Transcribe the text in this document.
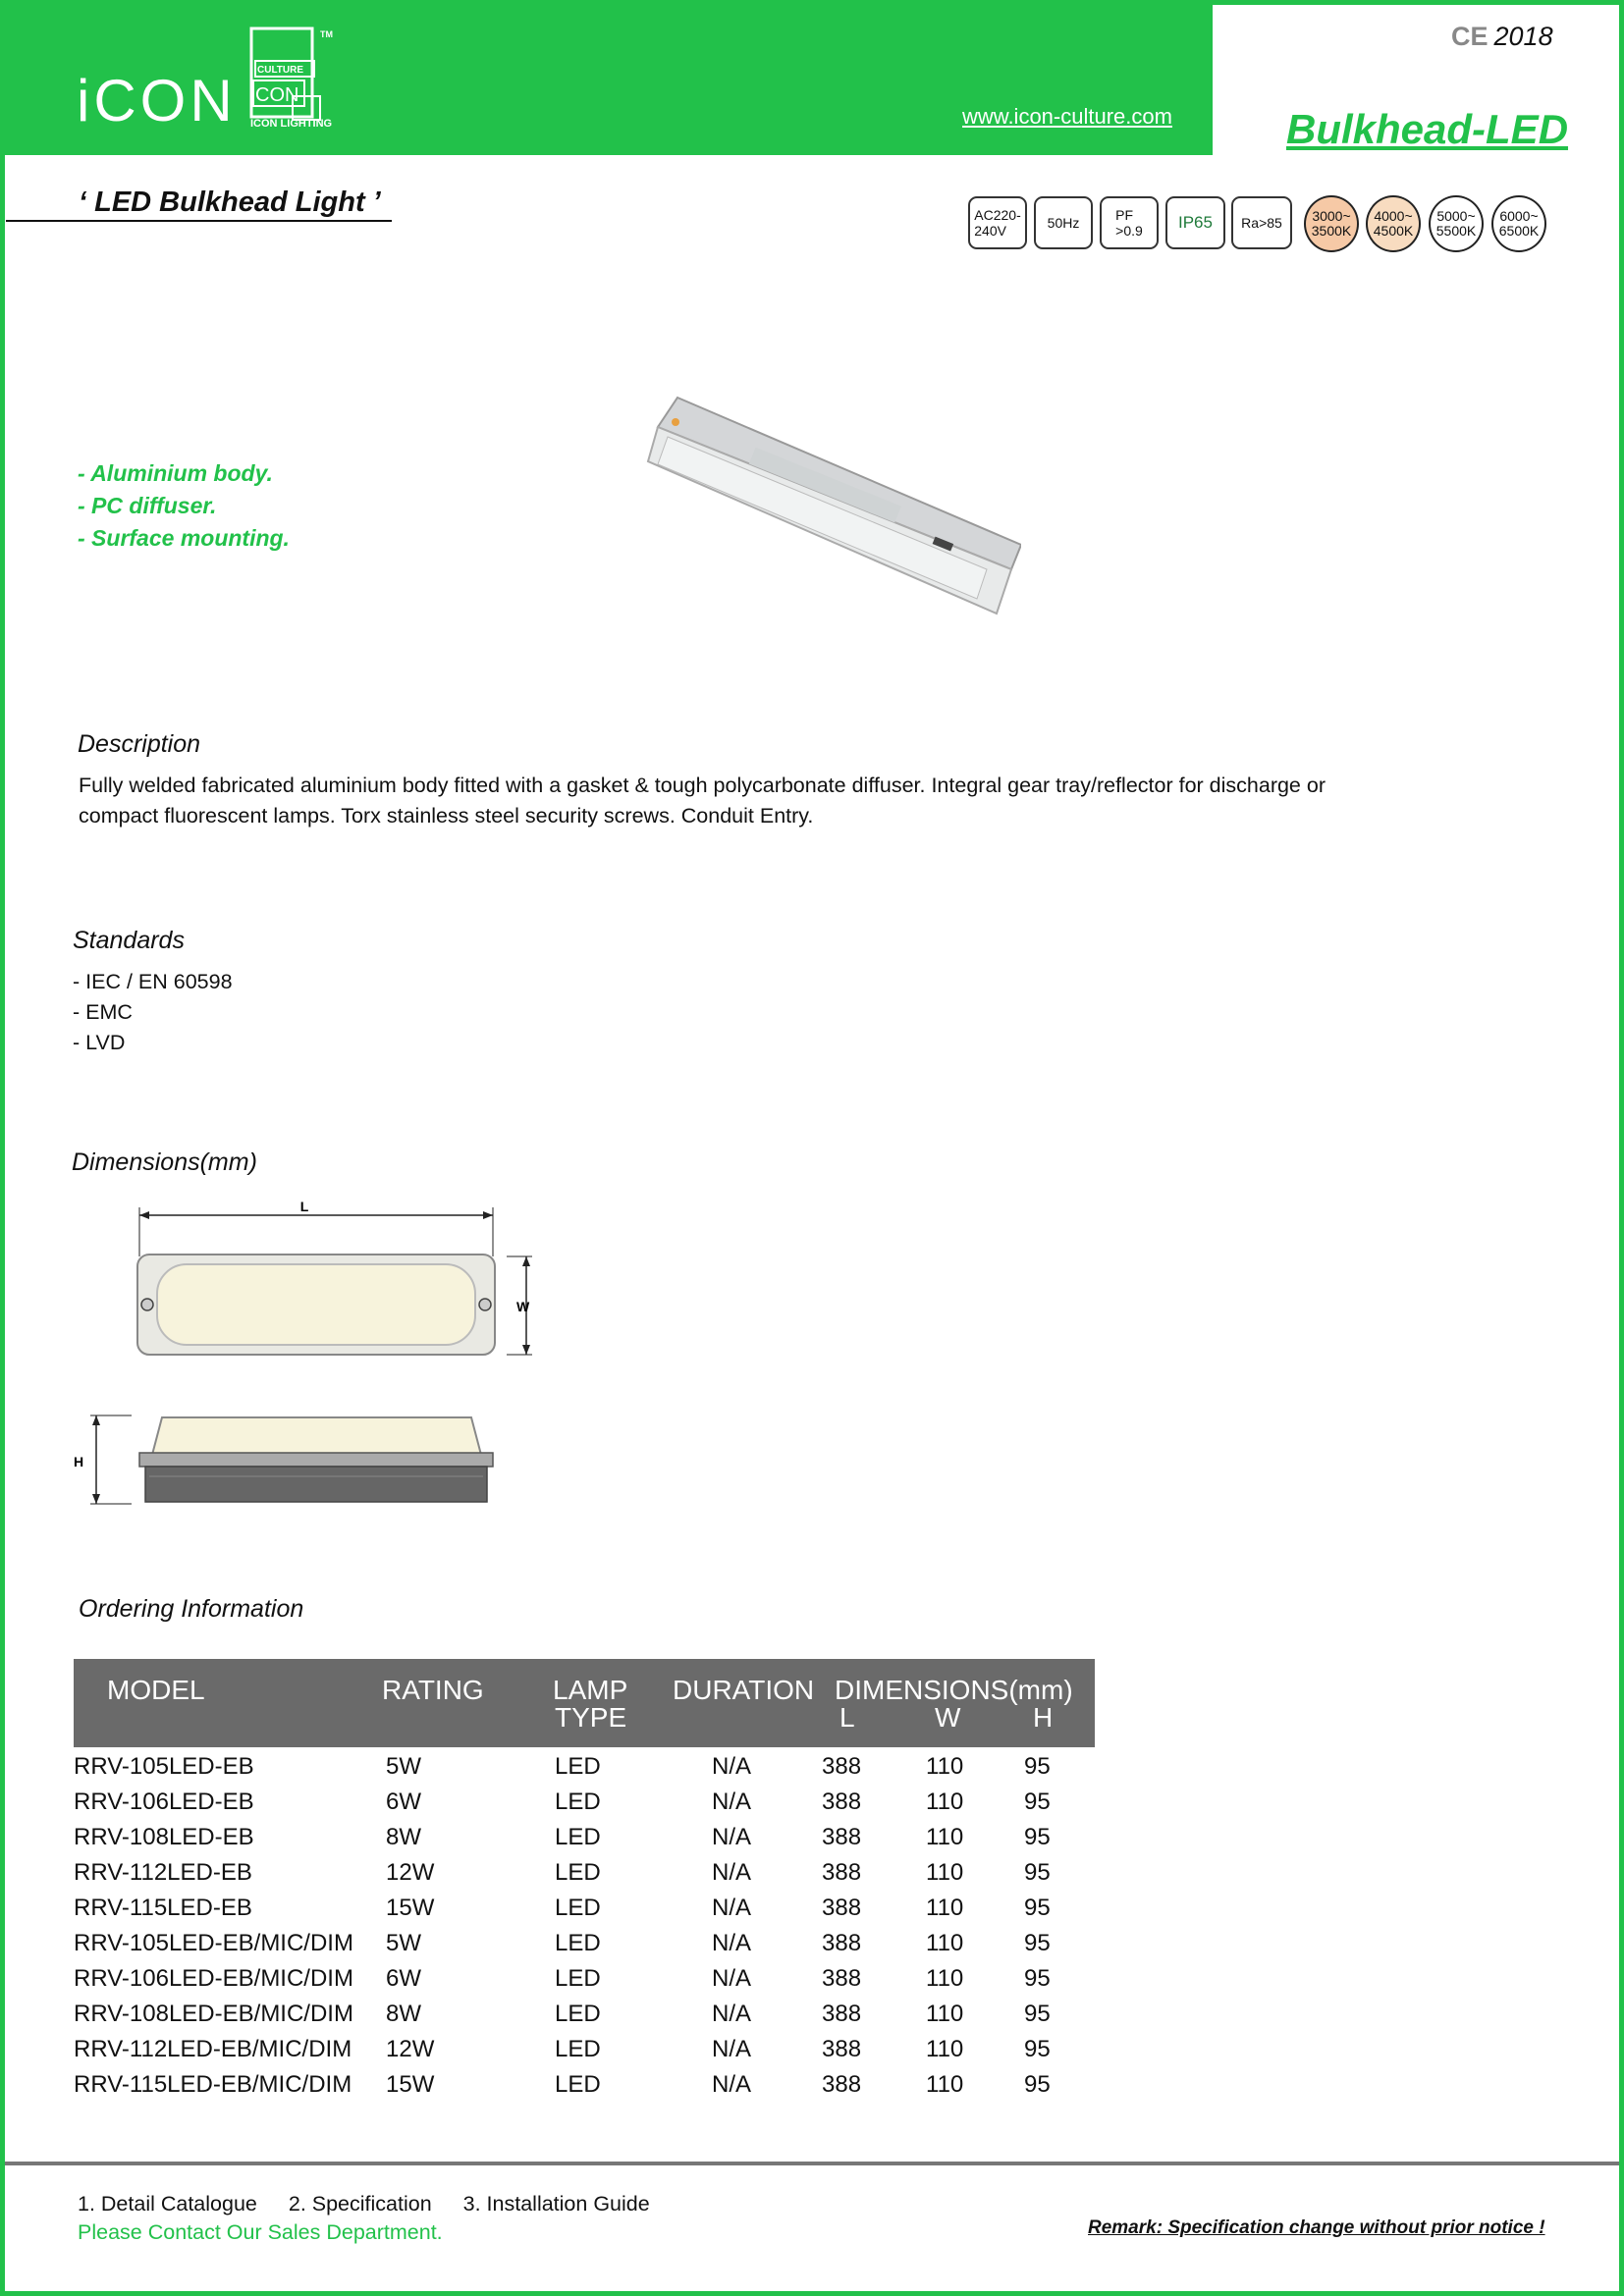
iCON CULTURE
CON
TM
ICON LIGHTING	www.icon-culture.com
CE 2018
Bulkhead-LED
‘ LED Bulkhead Light ’	AC220-
240V	50Hz	PF
>0.9 IP65 Ra>85 3000~
3500K
4000~
4500K
5000~
5500K
6000~
6500K
- Aluminium body.
- PC diffuser.
- Surface mounting.
Description
Fully welded fabricated aluminium body fitted with a gasket & tough polycarbonate diffuser. Integral gear tray/reflector for discharge or
compact fluorescent lamps. Torx stainless steel security screws. Conduit Entry.
Standards
- IEC / EN 60598
- EMC
- LVD
Dimensions(mm)
L
W
H
Ordering Information
MODEL	RATING	LAMP
TYPE
DURATION DIMENSIONS(mm)
L	W	H
RRV-105LED-EB	5W	LED	N/A	388	110	95
RRV-106LED-EB	6W	LED	N/A	388	110	95
RRV-108LED-EB	8W	LED	N/A	388	110	95
RRV-112LED-EB	12W	LED	N/A	388	110	95
RRV-115LED-EB	15W	LED	N/A	388	110	95
RRV-105LED-EB/MIC/DIM 5W	LED	N/A	388	110	95
RRV-106LED-EB/MIC/DIM 6W	LED	N/A	388	110	95
RRV-108LED-EB/MIC/DIM 8W	LED	N/A	388	110	95
RRV-112LED-EB/MIC/DIM 12W	LED	N/A	388	110	95
RRV-115LED-EB/MIC/DIM 15W	LED	N/A	388	110	95
1. Detail Catalogue 2. Specification 3. Installation Guide
Please Contact Our Sales Department.	Remark: Specification change without prior notice !
